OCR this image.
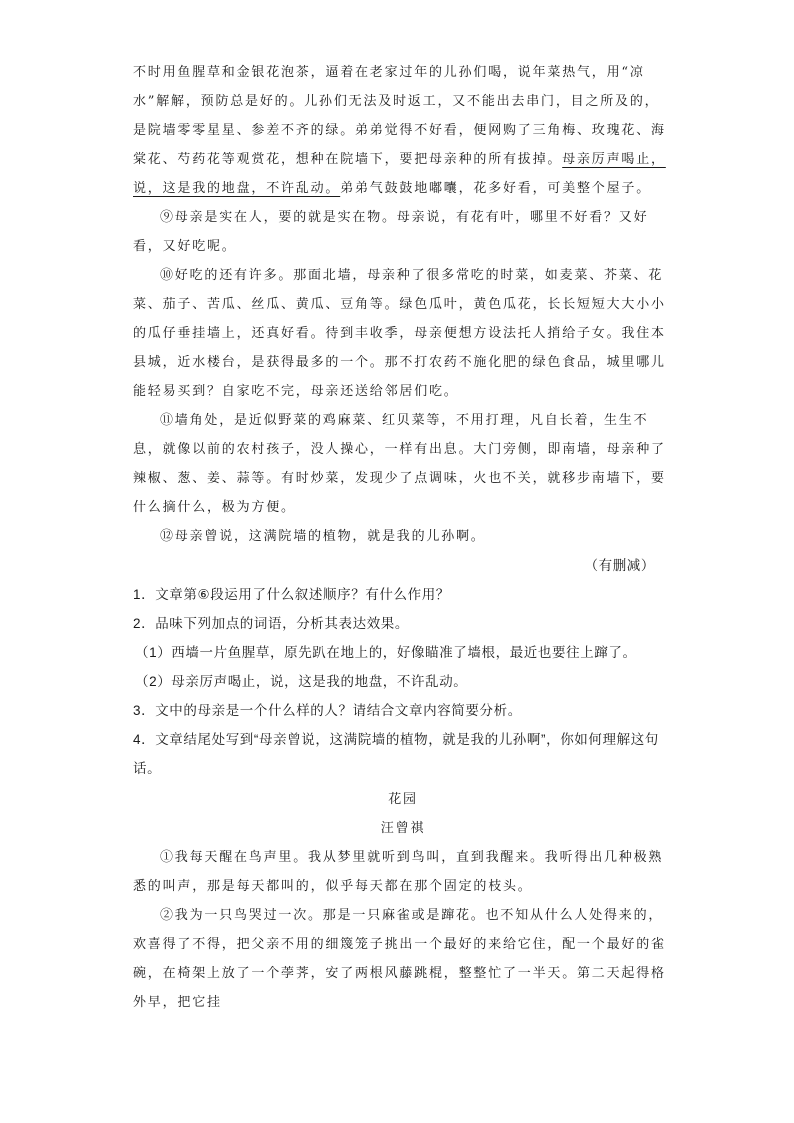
不时用鱼腥草和金银花泡茶，逼着在老家过年的儿孙们喝，说年菜热气，用“凉水”解解，预防总是好的。儿孙们无法及时返工，又不能出去串门，目之所及的，是院墙零零星星、参差不齐的绿。弟弟觉得不好看，便网购了三角梅、玫瑰花、海棠花、芍药花等观赏花，想种在院墙下，要把母亲种的所有拔掉。母亲厉声喝止，说，这是我的地盘，不许乱动。弟弟气鼓鼓地嘟囔，花多好看，可美整个屋子。

⑨母亲是实在人，要的就是实在物。母亲说，有花有叶，哪里不好看？又好看，又好吃呢。

⑩好吃的还有许多。那面北墙，母亲种了很多常吃的时菜，如麦菜、芥菜、花菜、茄子、苦瓜、丝瓜、黄瓜、豆角等。绿色瓜叶，黄色瓜花，长长短短大大小小的瓜仔垂挂墙上，还真好看。待到丰收季，母亲便想方设法托人捎给子女。我住本县城，近水楼台，是获得最多的一个。那不打农药不施化肥的绿色食品，城里哪儿能轻易买到？自家吃不完，母亲还送给邻居们吃。

⑪墙角处，是近似野菜的鸡麻菜、红贝菜等，不用打理，凡自长着，生生不息，就像以前的农村孩子，没人操心，一样有出息。大门旁侧，即南墙，母亲种了辣椒、葱、姜、蒜等。有时炒菜，发现少了点调味，火也不关，就移步南墙下，要什么摘什么，极为方便。

⑫母亲曾说，这满院墙的植物，就是我的儿孙啊。

（有删减）

1．文章第⑥段运用了什么叙述顺序？有什么作用？

2．品味下列加点的词语，分析其表达效果。

（1）西墙一片鱼腥草，原先趴在地上的，好像瞄准了墙根，最近也要往上蹿了。

（2）母亲厉声喝止，说，这是我的地盘，不许乱动。

3．文中的母亲是一个什么样的人？请结合文章内容简要分析。

4．文章结尾处写到“母亲曾说，这满院墙的植物，就是我的儿孙啊”，你如何理解这句话。

花园

汪曾祺

①我每天醒在鸟声里。我从梦里就听到鸟叫，直到我醒来。我听得出几种极熟悉的叫声，那是每天都叫的，似乎每天都在那个固定的枝头。

②我为一只鸟哭过一次。那是一只麻雀或是蹿花。也不知从什么人处得来的，欢喜得了不得，把父亲不用的细篾笼子挑出一个最好的来给它住，配一个最好的雀碗，在椅架上放了一个荸荠，安了两根风藤跳棍，整整忙了一半天。第二天起得格外早，把它挂
